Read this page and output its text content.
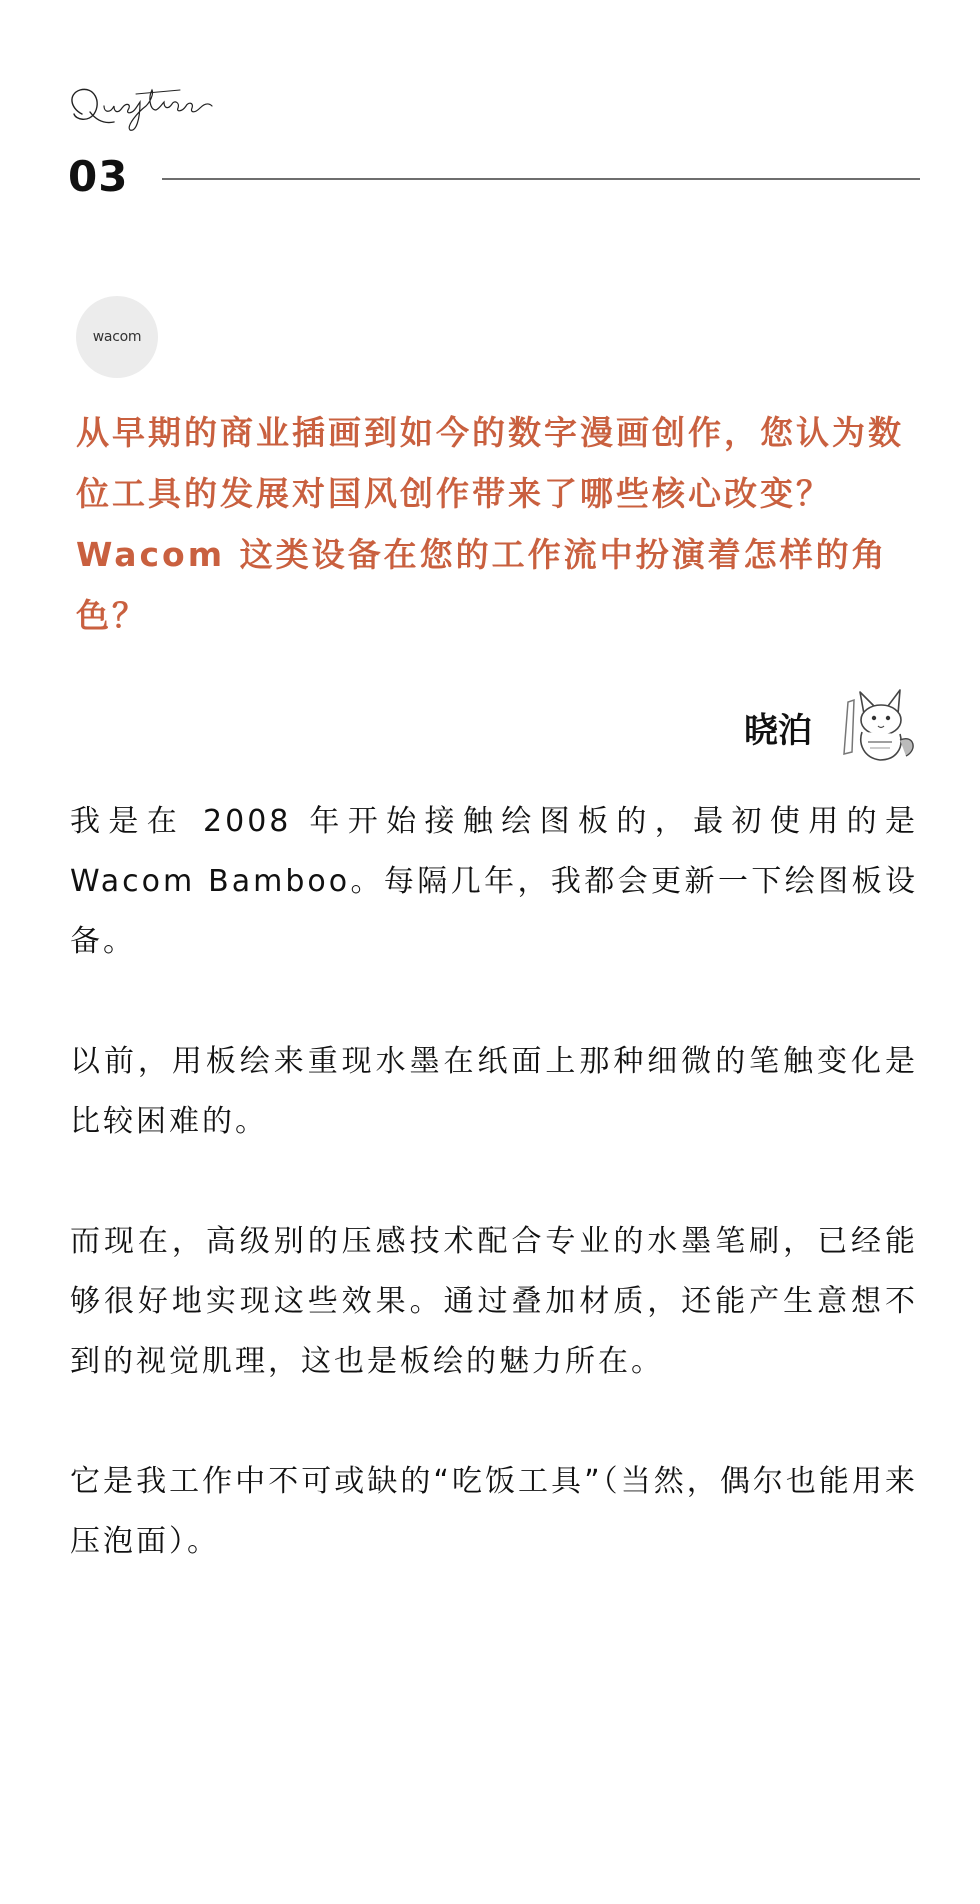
03
wacom

从早期的商业插画到如今的数字漫画创作，您认为数位工具的发展对国风创作带来了哪些核心改变？Wacom 这类设备在您的工作流中扮演着怎样的角色？

晓泊

我是在 2008 年开始接触绘图板的，最初使用的是 Wacom Bamboo。每隔几年，我都会更新一下绘图板设备。

以前，用板绘来重现水墨在纸面上那种细微的笔触变化是比较困难的。

而现在，高级别的压感技术配合专业的水墨笔刷，已经能够很好地实现这些效果。通过叠加材质，还能产生意想不到的视觉肌理，这也是板绘的魅力所在。

它是我工作中不可或缺的“吃饭工具”（当然，偶尔也能用来压泡面）。
